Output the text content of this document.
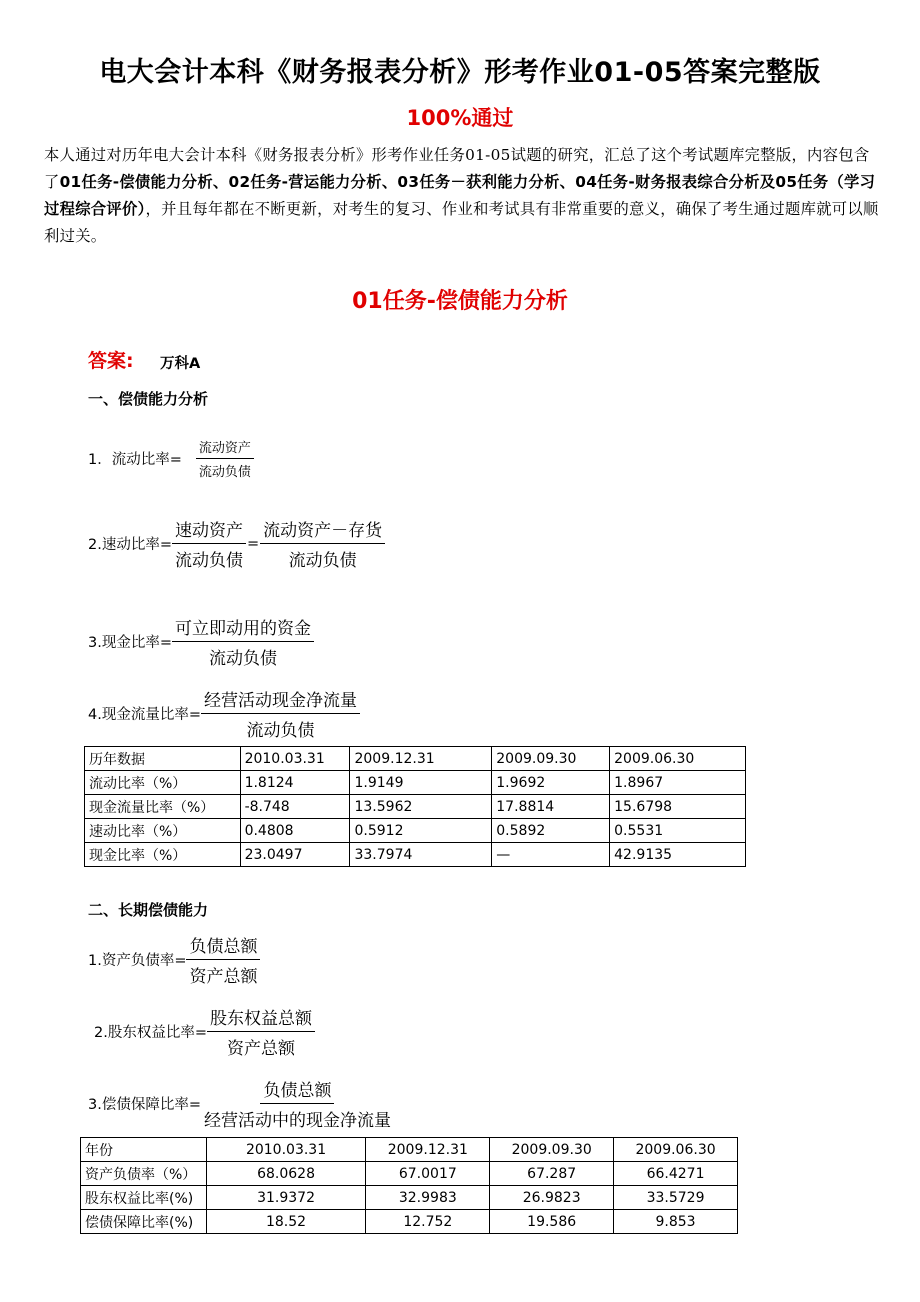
电大会计本科《财务报表分析》形考作业01-05答案完整版
100%通过
本人通过对历年电大会计本科《财务报表分析》形考作业任务01-05试题的研究，汇总了这个考试题库完整版，内容包含了01任务-偿债能力分析、02任务-营运能力分析、03任务－获利能力分析、04任务-财务报表综合分析及05任务（学习过程综合评价），并且每年都在不断更新，对考生的复习、作业和考试具有非常重要的意义，确保了考生通过题库就可以顺利过关。
01任务-偿债能力分析
答案: 万科A
一、偿债能力分析
1．流动比率= $\frac{\text{流动资产}}{\text{流动负债}}$
2.速动比率= $\frac{\text{速动资产}}{\text{流动负债}} = \frac{\text{流动资产－存货}}{\text{流动负债}}$
3.现金比率= $\frac{\text{可立即动用的资金}}{\text{流动负债}}$
4.现金流量比率= $\frac{\text{经营活动现金净流量}}{\text{流动负债}}$
历年数据	2010.03.31	2009.12.31	2009.09.30	2009.06.30
流动比率（%）	1.8124	1.9149	1.9692	1.8967
现金流量比率（%）	-8.748	13.5962	17.8814	15.6798
速动比率（%）	0.4808	0.5912	0.5892	0.5531
现金比率（%）	23.0497	33.7974	—	42.9135
二、长期偿债能力
1.资产负债率= $\frac{\text{负债总额}}{\text{资产总额}}$
2.股东权益比率= $\frac{\text{股东权益总额}}{\text{资产总额}}$
3.偿债保障比率= $\frac{\text{负债总额}}{\text{经营活动中的现金净流量}}$
年份	2010.03.31	2009.12.31	2009.09.30	2009.06.30
资产负债率（%）	68.0628	67.0017	67.287	66.4271
股东权益比率(%)	31.9372	32.9983	26.9823	33.5729
偿债保障比率(%)	18.52	12.752	19.586	9.853
